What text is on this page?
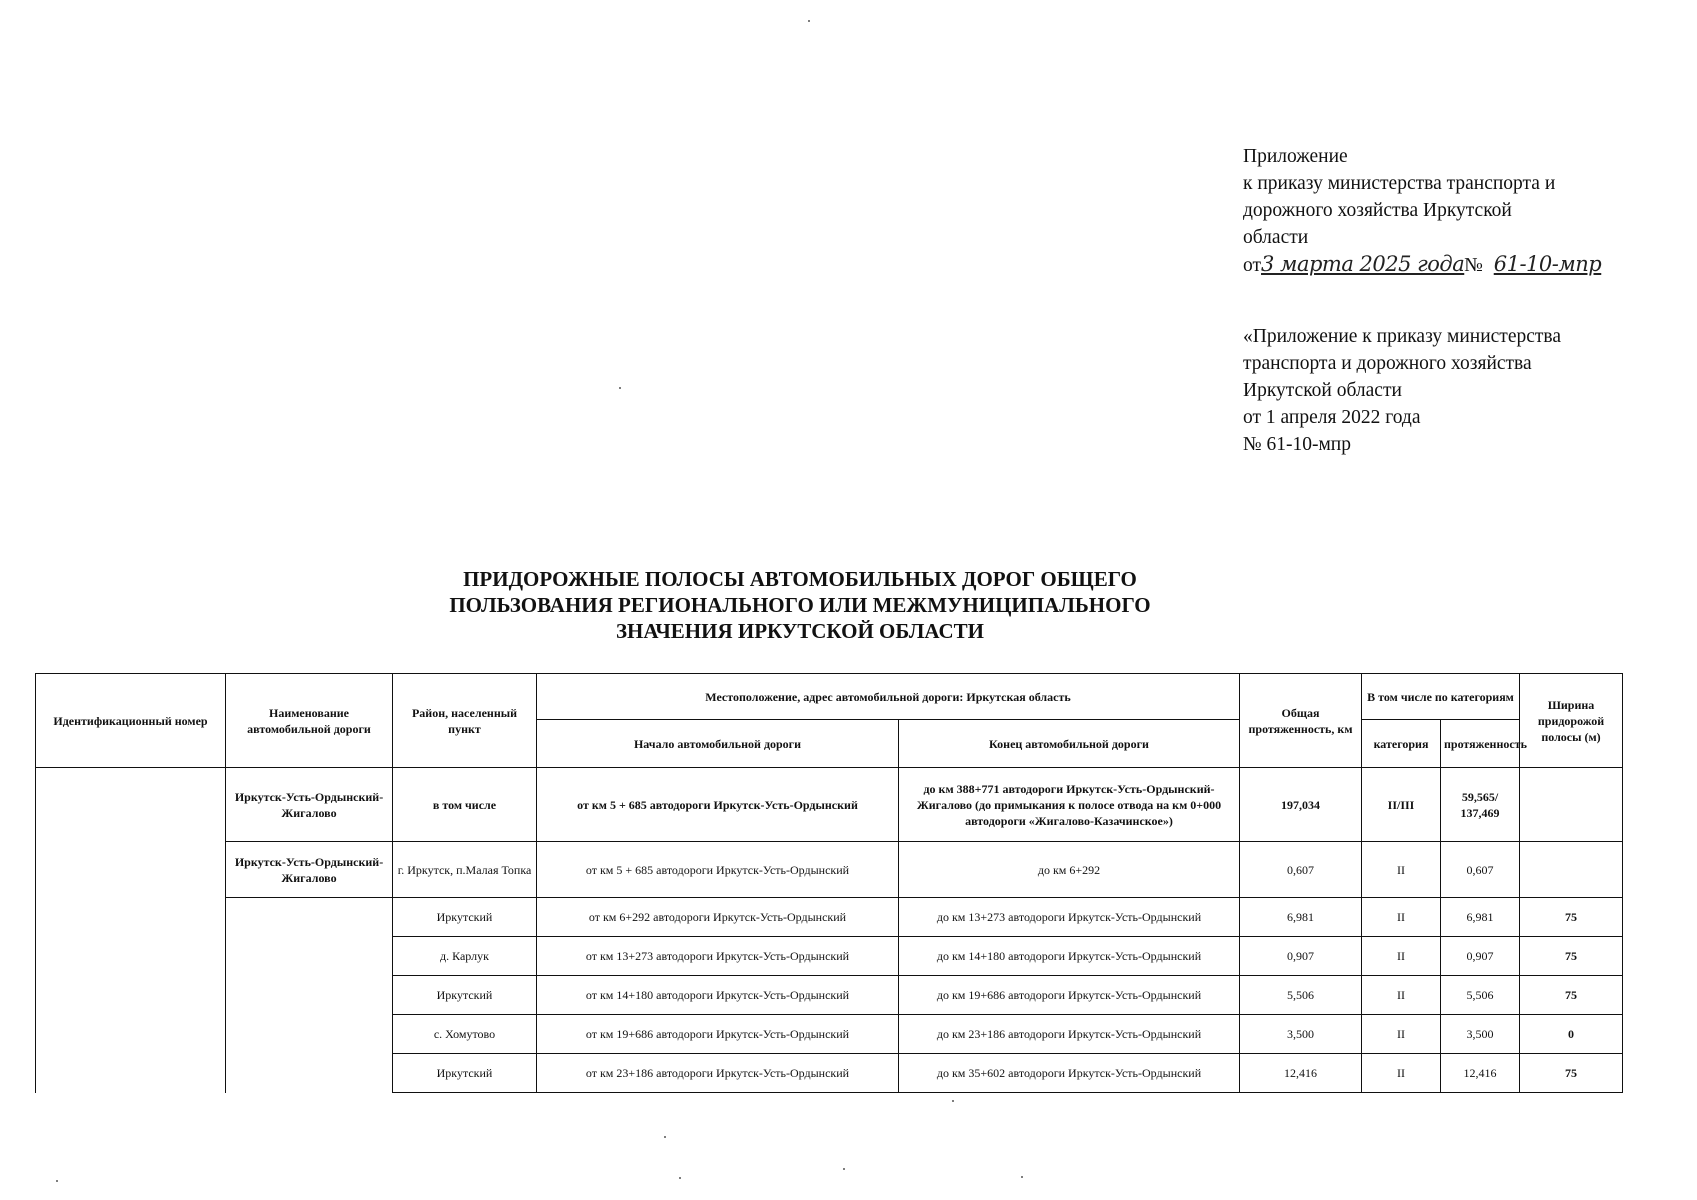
Приложение
к приказу министерства транспорта и
дорожного хозяйства Иркутской
области
от3 марта 2025 года№ 61-10-мпр
«Приложение к приказу министерства
транспорта и дорожного хозяйства
Иркутской области
от 1 апреля 2022 года
№ 61-10-мпр
ПРИДОРОЖНЫЕ ПОЛОСЫ АВТОМОБИЛЬНЫХ ДОРОГ ОБЩЕГО
ПОЛЬЗОВАНИЯ РЕГИОНАЛЬНОГО ИЛИ МЕЖМУНИЦИПАЛЬНОГО
ЗНАЧЕНИЯ ИРКУТСКОЙ ОБЛАСТИ
Идентификационный номер	Наименование автомобильной дороги	Район, населенный пункт	Местоположение, адрес автомобильной дороги: Иркутская область		Общая протяженность, км	В том числе по категориям		Ширина придорожой полосы (м)
			Начало автомобильной дороги	Конец автомобильной дороги		категория	протяженность	
	Иркутск-Усть-Ордынский-Жигалово	в том числе	от км 5 + 685 автодороги Иркутск-Усть-Ордынский	до км 388+771 автодороги Иркутск-Усть-Ордынский-Жигалово (до примыкания к полосе отвода на км 0+000 автодороги «Жигалово-Казачинское»)	197,034	II/III	59,565/ 137,469	
	Иркутск-Усть-Ордынский-Жигалово	г. Иркутск, п.Малая Топка	от км 5 + 685 автодороги Иркутск-Усть-Ордынский	до км 6+292	0,607	II	0,607	
		Иркутский	от км 6+292 автодороги Иркутск-Усть-Ордынский	до км 13+273 автодороги Иркутск-Усть-Ордынский	6,981	II	6,981	75
		д. Карлук	от км 13+273 автодороги Иркутск-Усть-Ордынский	до км 14+180 автодороги Иркутск-Усть-Ордынский	0,907	II	0,907	75
		Иркутский	от км 14+180 автодороги Иркутск-Усть-Ордынский	до км 19+686 автодороги Иркутск-Усть-Ордынский	5,506	II	5,506	75
		с. Хомутово	от км 19+686 автодороги Иркутск-Усть-Ордынский	до км 23+186 автодороги Иркутск-Усть-Ордынский	3,500	II	3,500	0
		Иркутский	от км 23+186 автодороги Иркутск-Усть-Ордынский	до км 35+602 автодороги Иркутск-Усть-Ордынский	12,416	II	12,416	75
